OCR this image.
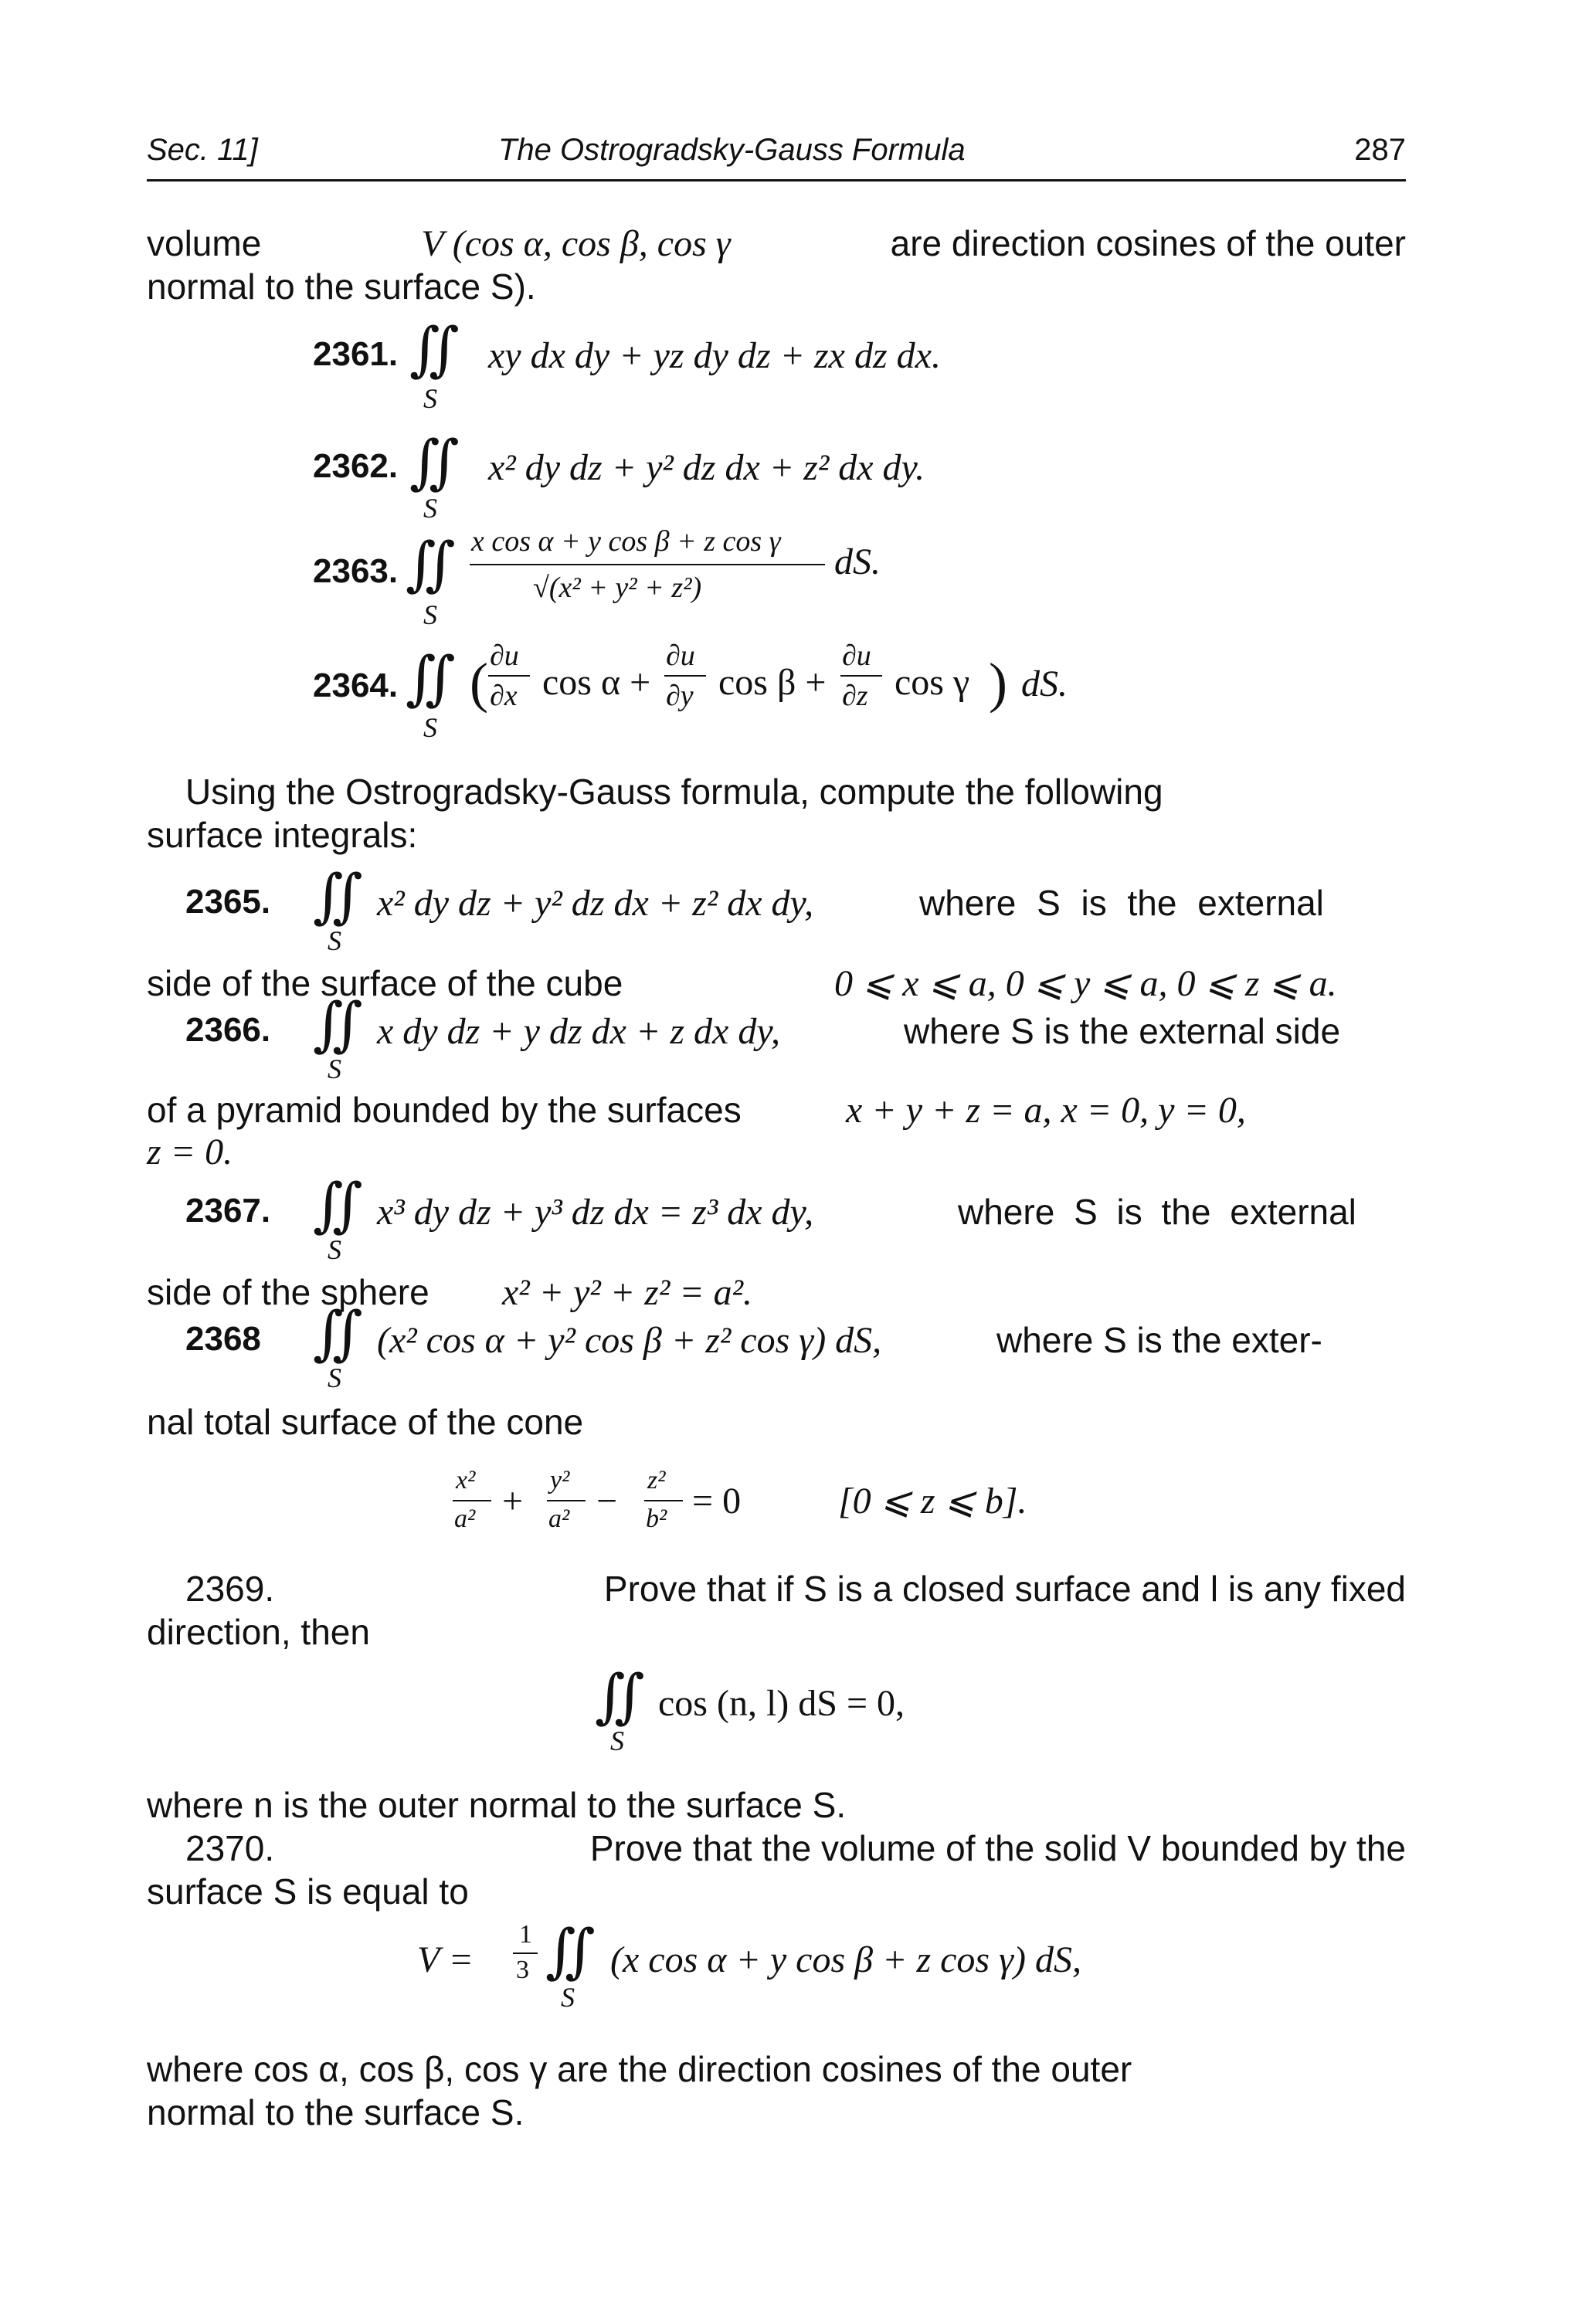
Sec. 11]	The Ostrogradsky-Gauss Formula	287
volume	V (cos α, cos β, cos γ	are direction cosines of the outer
normal to the surface S).
2361. ∬
S
xy dx dy + yz dy dz + zx dz dx.
2362. ∬
S
x² dy dz + y² dz dx + z² dx dy.
2363. ∬
S
x cos α + y cos β + z cos γ
√(x² + y² + z²)
dS.
2364. ∬
S
( ∂u
∂x cos α +
∂u
∂y cos β +
∂u
∂z cos γ ) dS.
Using the Ostrogradsky-Gauss formula, compute the following
surface integrals:
2365. ∬
S
x² dy dz + y² dz dx + z² dx dy,	where S is the external
side of the surface of the cube	0 ⩽ x ⩽ a, 0 ⩽ y ⩽ a, 0 ⩽ z ⩽ a.
2366. ∬
S
x dy dz + y dz dx + z dx dy,	where S is the external side
of a pyramid bounded by the surfaces	x + y + z = a, x = 0, y = 0,
z = 0.
2367. ∬
S
x³ dy dz + y³ dz dx = z³ dx dy,	where S is the external
side of the sphere x² + y² + z² = a².
2368 ∬
S
(x² cos α + y² cos β + z² cos γ) dS,	where S is the exter-
nal total surface of the cone
x²
a² +
y²
a² −
z²
b² = 0	[0 ⩽ z ⩽ b].
2369.	Prove that if S is a closed surface and l is any fixed
direction, then
∬
S
cos (n, l) dS = 0,
where n is the outer normal to the surface S.
2370.	Prove that the volume of the solid V bounded by the
surface S is equal to
V =
1
3 ∬
S
(x cos α + y cos β + z cos γ) dS,
where cos α, cos β, cos γ are the direction cosines of the outer
normal to the surface S.
